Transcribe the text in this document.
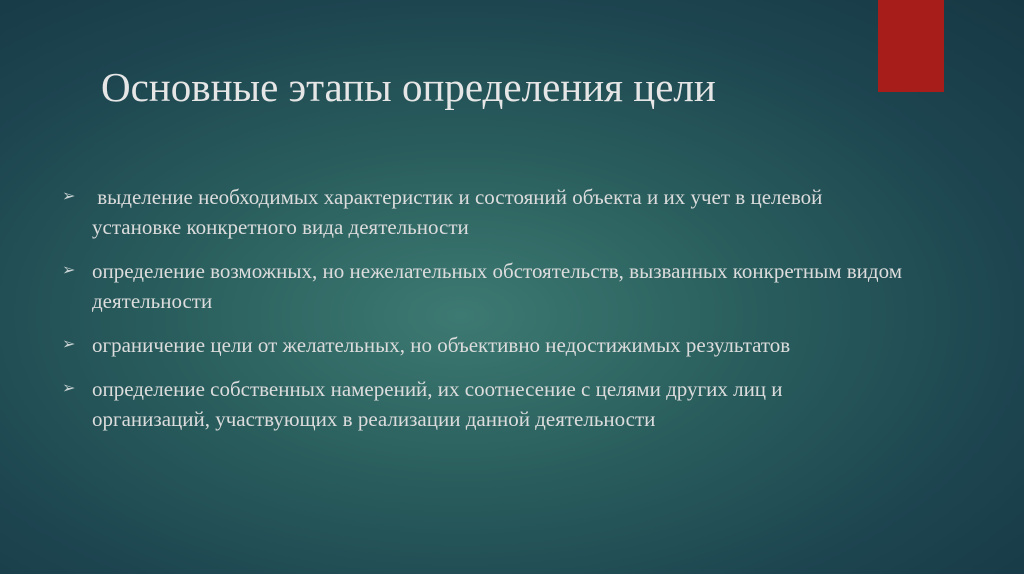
Основные этапы определения цели
➢ выделение необходимых характеристик и состояний объекта и их учет в целевой установке конкретного вида деятельности
➢ определение возможных, но нежелательных обстоятельств, вызванных конкретным видом деятельности
➢ ограничение цели от желательных, но объективно недостижимых результатов
➢ определение собственных намерений, их соотнесение с целями других лиц и организаций, участвующих в реализации данной деятельности
